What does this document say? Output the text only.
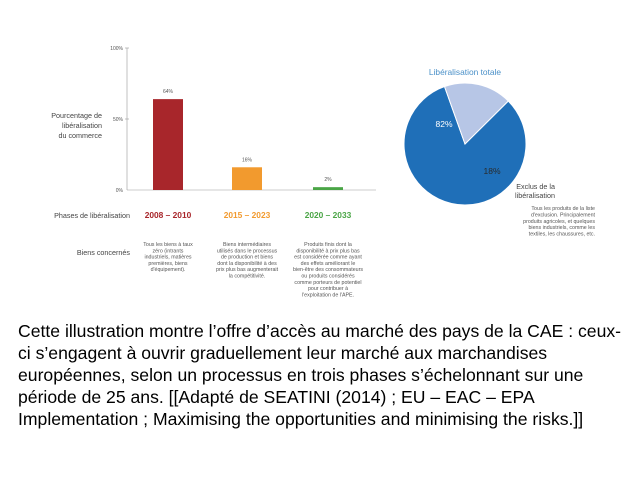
0%
50%
100%
Pourcentage de
libéralisation
du commerce
64%
2008 – 2010
16%
2015 – 2023
2%
2020 – 2033
Phases de libéralisation
Biens concernés
Tous les biens à taux
zéro (intrants
industriels, matières
premières, biens
d'équipement).
Biens intermédiaires
utilisés dans le processus
de production et biens
dont la disponibilité à des
prix plus bas augmenterait
la compétitivité.
Produits finis dont la
disponibilité à prix plus bas
est considérée comme ayant
des effets améliorant le
bien-être des consommateurs
ou produits considérés
comme porteurs de potentiel
pour contribuer à
l'exploitation de l'APE.
Libéralisation totale
82%
18%
Exclus de la
libéralisation
Tous les produits de la liste
d'exclusion. Principalement
produits agricoles, et quelques
biens industriels, comme les
textiles, les chaussures, etc.
Cette illustration montre l’offre d’accès au marché des pays de la CAE : ceux-ci s’engagent à ouvrir graduellement leur marché aux marchandises européennes, selon un processus en trois phases s’échelonnant sur une période de 25 ans. [[Adapté de SEATINI (2014) ; EU – EAC – EPA Implementation ; Maximising the opportunities and minimising the risks.]]
